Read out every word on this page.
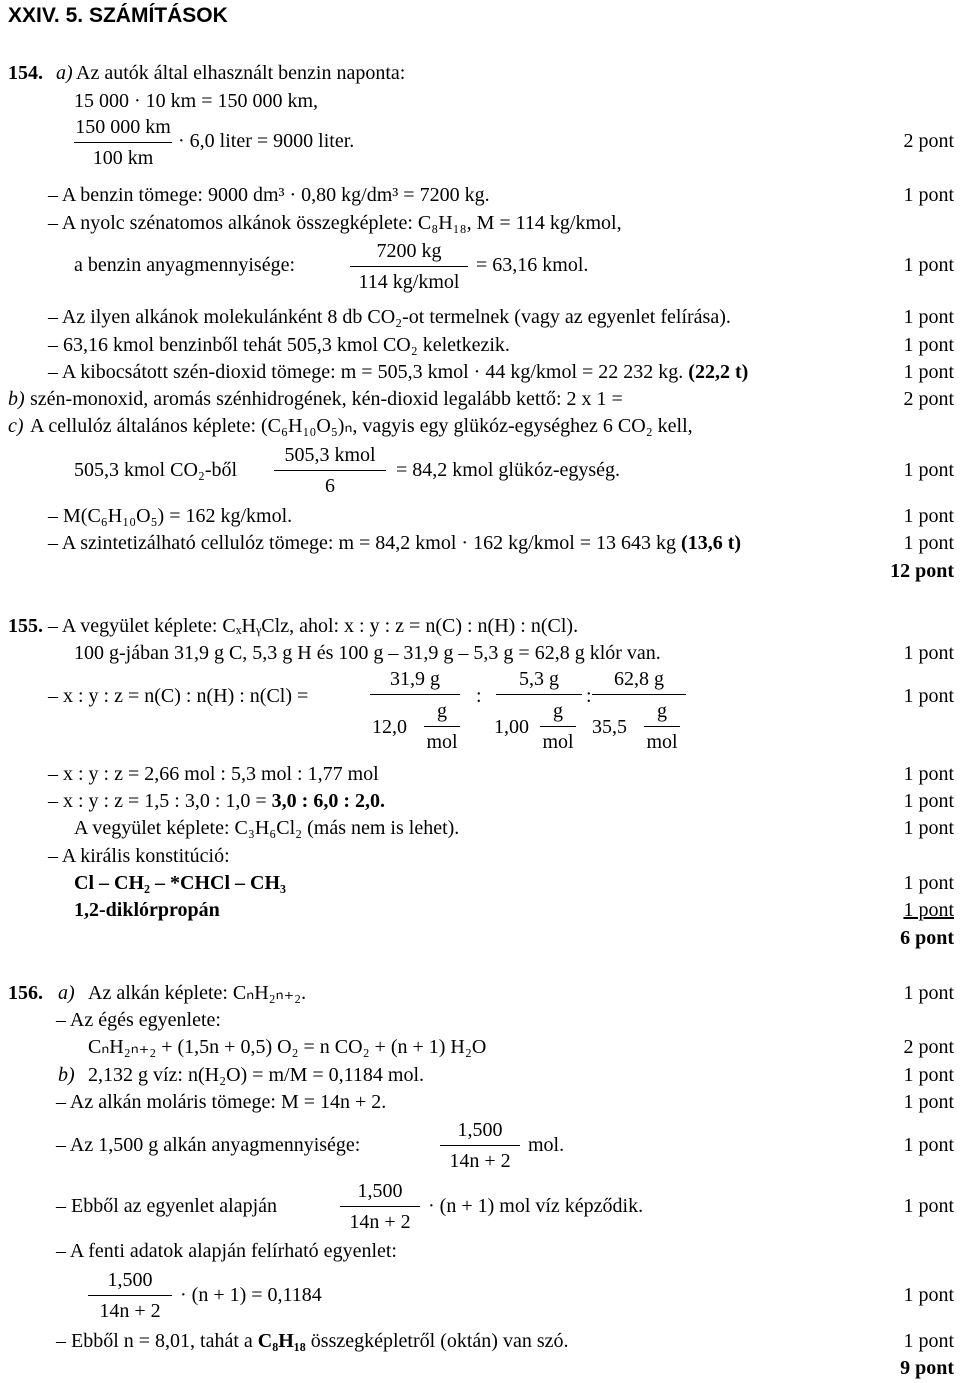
XXIV. 5. SZÁMÍTÁSOK
154. a) Az autók által elhasznált benzin naponta:
15 000 · 10 km = 150 000 km,
150 000 km
100 km
· 6,0 liter = 9000 liter.	2 pont
– A benzin tömege: 9000 dm³ · 0,80 kg/dm³ = 7200 kg.	1 pont
– A nyolc szénatomos alkánok összegképlete: C₈H₁₈, M = 114 kg/kmol,
a benzin anyagmennyisége:
7200 kg
114 kg/kmol
= 63,16 kmol.	1 pont
– Az ilyen alkánok molekulánként 8 db CO₂-ot termelnek (vagy az egyenlet felírása).	1 pont
– 63,16 kmol benzinből tehát 505,3 kmol CO₂ keletkezik.	1 pont
– A kibocsátott szén-dioxid tömege: m = 505,3 kmol · 44 kg/kmol = 22 232 kg. (22,2 t)	1 pont
b) szén-monoxid, aromás szénhidrogének, kén-dioxid legalább kettő: 2 x 1 =	2 pont
c) A cellulóz általános képlete: (C₆H₁₀O₅)ₙ, vagyis egy glükóz-egységhez 6 CO₂ kell,
505,3 kmol CO₂-ből
505,3 kmol
6
= 84,2 kmol glükóz-egység.	1 pont
– M(C₆H₁₀O₅) = 162 kg/kmol.	1 pont
– A szintetizálható cellulóz tömege: m = 84,2 kmol · 162 kg/kmol = 13 643 kg (13,6 t)	1 pont
12 pont
155. – A vegyület képlete: CₓHᵧClz, ahol: x : y : z = n(C) : n(H) : n(Cl).
100 g-jában 31,9 g C, 5,3 g H és 100 g – 31,9 g – 5,3 g = 62,8 g klór van.	1 pont
– x : y : z = n(C) : n(H) : n(Cl) =
31,9 g
12,0
g
mol
:
5,3 g
1,00
g
mol
:
62,8 g
35,5
g
mol
1 pont
– x : y : z = 2,66 mol : 5,3 mol : 1,77 mol	1 pont
– x : y : z = 1,5 : 3,0 : 1,0 = 3,0 : 6,0 : 2,0.	1 pont
A vegyület képlete: C₃H₆Cl₂ (más nem is lehet).	1 pont
– A királis konstitúció:
Cl – CH₂ – *CHCl – CH₃	1 pont
1,2-diklórpropán	1 pont
6 pont
156. a) Az alkán képlete: CₙH₂ₙ₊₂.	1 pont
– Az égés egyenlete:
CₙH₂ₙ₊₂ + (1,5n + 0,5) O₂ = n CO₂ + (n + 1) H₂O	2 pont
b) 2,132 g víz: n(H₂O) = m/M = 0,1184 mol.	1 pont
– Az alkán moláris tömege: M = 14n + 2.	1 pont
– Az 1,500 g alkán anyagmennyisége:
1,500
14n + 2
mol.	1 pont
– Ebből az egyenlet alapján
1,500
14n + 2
· (n + 1) mol víz képződik.	1 pont
– A fenti adatok alapján felírható egyenlet:
1,500
14n + 2
· (n + 1) = 0,1184	1 pont
– Ebből n = 8,01, tahát a C₈H₁₈ összegképletről (oktán) van szó.	1 pont
9 pont
